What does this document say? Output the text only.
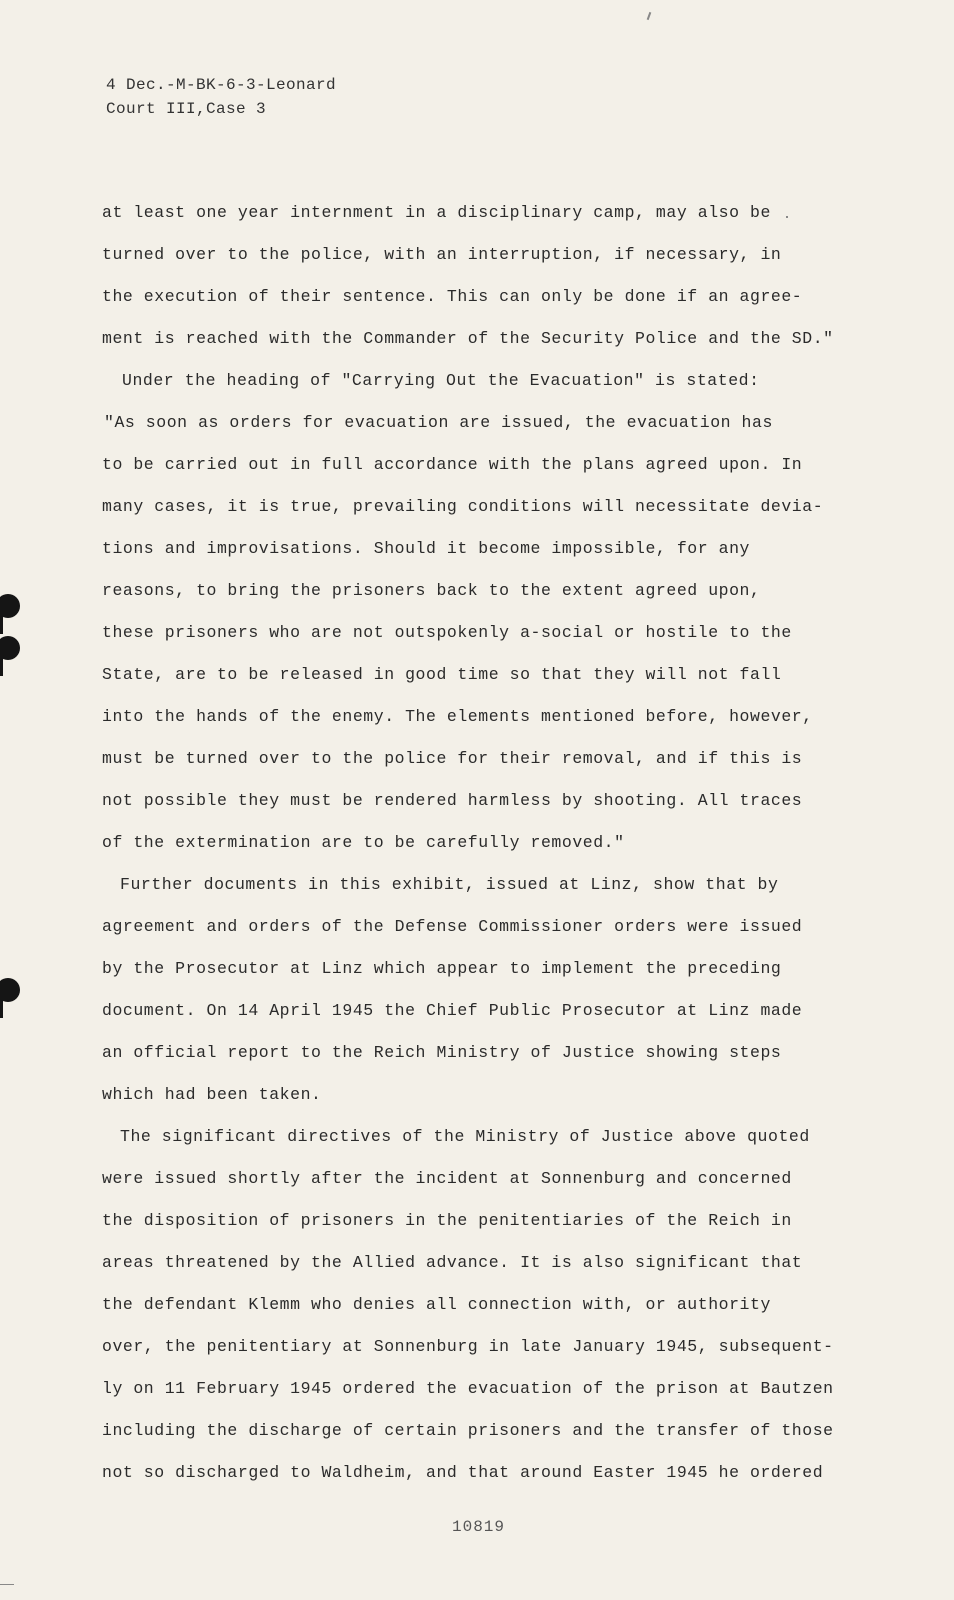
4 Dec.-M-BK-6-3-Leonard
Court III,Case 3
at least one year internment in a disciplinary camp, may also be
turned over to the police, with an interruption, if necessary, in
the execution of their sentence. This can only be done if an agree-
ment is reached with the Commander of the Security Police and the SD."
Under the heading of "Carrying Out the Evacuation" is stated:
"As soon as orders for evacuation are issued, the evacuation has
to be carried out in full accordance with the plans agreed upon. In
many cases, it is true, prevailing conditions will necessitate devia-
tions and improvisations. Should it become impossible, for any
reasons, to bring the prisoners back to the extent agreed upon,
these prisoners who are not outspokenly a-social or hostile to the
State, are to be released in good time so that they will not fall
into the hands of the enemy. The elements mentioned before, however,
must be turned over to the police for their removal, and if this is
not possible they must be rendered harmless by shooting. All traces
of the extermination are to be carefully removed."
Further documents in this exhibit, issued at Linz, show that by
agreement and orders of the Defense Commissioner orders were issued
by the Prosecutor at Linz which appear to implement the preceding
document. On 14 April 1945 the Chief Public Prosecutor at Linz made
an official report to the Reich Ministry of Justice showing steps
which had been taken.
The significant directives of the Ministry of Justice above quoted
were issued shortly after the incident at Sonnenburg and concerned
the disposition of prisoners in the penitentiaries of the Reich in
areas threatened by the Allied advance. It is also significant that
the defendant Klemm who denies all connection with, or authority
over, the penitentiary at Sonnenburg in late January 1945, subsequent-
ly on 11 February 1945 ordered the evacuation of the prison at Bautzen
including the discharge of certain prisoners and the transfer of those
not so discharged to Waldheim, and that around Easter 1945 he ordered
10819
